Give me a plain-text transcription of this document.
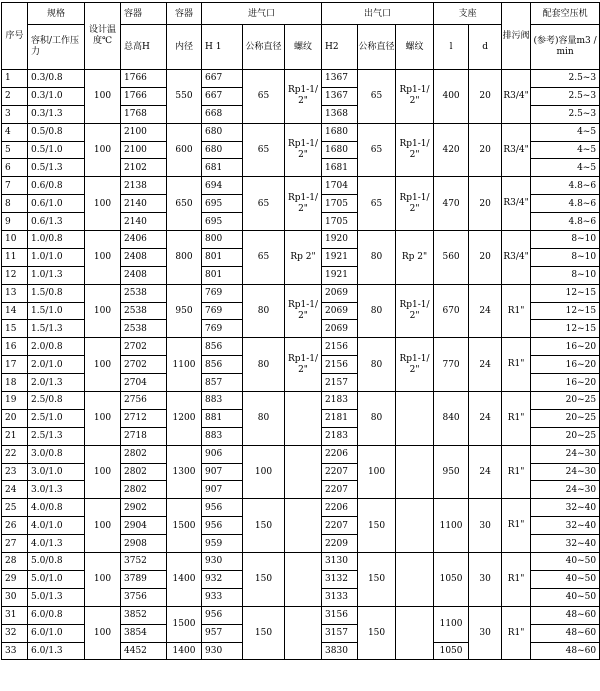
序号	规格	设计温度℃	容器	容器	进气口			出气口			支座		排污阀	配套空压机
	容积/工作压力		总高H	内径	H 1	公称直径	螺纹	H2	公称直径	螺纹	l	d		(参考)容量m3 /min
1	0.3/0.8	100	1766	550	667	65	Rp1-1/2"	1367	65	Rp1-1/2"	400	20	R3/4"	2.5~3
2	0.3/1.0		1766		667			1367						2.5~3
3	0.3/1.3		1768		668			1368						2.5~3
4	0.5/0.8	100	2100	600	680	65	Rp1-1/2"	1680	65	Rp1-1/2"	420	20	R3/4"	4~5
5	0.5/1.0		2100		680			1680						4~5
6	0.5/1.3		2102		681			1681						4~5
7	0.6/0.8	100	2138	650	694	65	Rp1-1/2"	1704	65	Rp1-1/2"	470	20	R3/4"	4.8~6
8	0.6/1.0		2140		695			1705						4.8~6
9	0.6/1.3		2140		695			1705						4.8~6
10	1.0/0.8	100	2406	800	800	65	Rp 2"	1920	80	Rp 2"	560	20	R3/4"	8~10
11	1.0/1.0		2408		801			1921						8~10
12	1.0/1.3		2408		801			1921						8~10
13	1.5/0.8	100	2538	950	769	80	Rp1-1/2"	2069	80	Rp1-1/2"	670	24	R1"	12~15
14	1.5/1.0		2538		769			2069						12~15
15	1.5/1.3		2538		769			2069						12~15
16	2.0/0.8	100	2702	1100	856	80	Rp1-1/2"	2156	80	Rp1-1/2"	770	24	R1"	16~20
17	2.0/1.0		2702		856			2156						16~20
18	2.0/1.3		2704		857			2157						16~20
19	2.5/0.8	100	2756	1200	883	80		2183	80		840	24	R1"	20~25
20	2.5/1.0		2712		881			2181						20~25
21	2.5/1.3		2718		883			2183						20~25
22	3.0/0.8	100	2802	1300	906	100		2206	100		950	24	R1"	24~30
23	3.0/1.0		2802		907			2207						24~30
24	3.0/1.3		2802		907			2207						24~30
25	4.0/0.8	100	2902	1500	956	150		2206	150		1100	30	R1"	32~40
26	4.0/1.0		2904		956			2207						32~40
27	4.0/1.3		2908		959			2209						32~40
28	5.0/0.8	100	3752	1400	930	150		3130	150		1050	30	R1"	40~50
29	5.0/1.0		3789		932			3132						40~50
30	5.0/1.3		3756		933			3133						40~50
31	6.0/0.8	100	3852	1500	956	150		3156	150		1100	30	R1"	48~60
32	6.0/1.0		3854		957			3157						48~60
33	6.0/1.3		4452	1400	930			3830			1050			48~60
